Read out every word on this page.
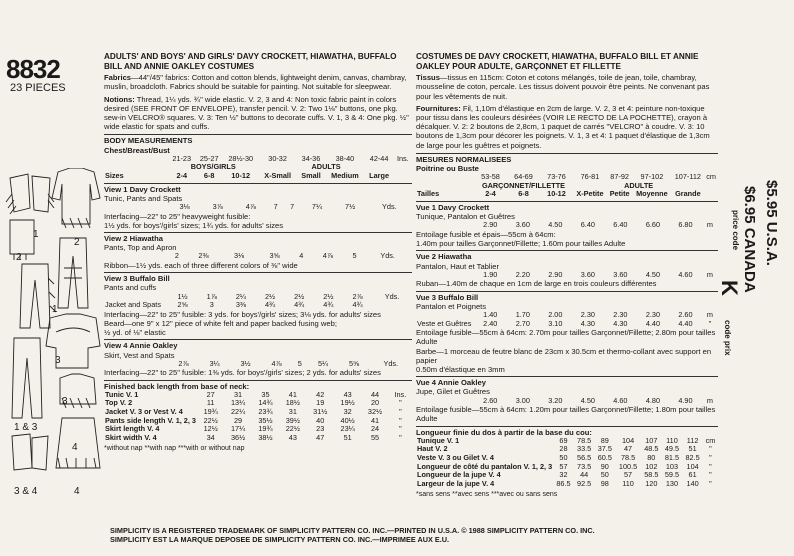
8832
23 PIECES
1
2
2
1
3
1 & 3
3
4
3 & 4	4
ADULTS' AND BOYS' AND GIRLS' DAVY CROCKETT, HIAWATHA, BUFFALO BILL AND ANNIE OAKLEY COSTUMES
Fabrics—44"/45" fabrics: Cotton and cotton blends, lightweight denim, canvas, chambray, muslin, broadcloth. Fabrics should be suitable for painting. Not suitable for sleepwear.
Notions: Thread, 1¼ yds. ¾" wide elastic. V. 2, 3 and 4: Non toxic fabric paint in colors desired (SEE FRONT OF ENVELOPE), transfer pencil. V. 2: Two 1⅛" buttons, one pkg. sew-in VELCRO® squares. V. 3: Ten ½" buttons to decorate cuffs. V. 1, 3 & 4: One pkg. ½" wide elastic for spats and cuffs.
BODY MEASUREMENTS
Chest/Breast/Bust
	21-23	25-27	28½-30	30-32	34-36	38-40	42-44	Ins.
	BOYS/GIRLS			ADULTS				
Sizes	2-4	6-8	10-12	X-Small	Small	Medium	Large	
View 1 Davy Crockett
Tunic, Pants and Spats
	3⅛	3⅞	4⅞	7	7	7¼	7½	Yds.
Interfacing—22" to 25" heavyweight fusible:
1½ yds. for boys'/girls' sizes; 1¾ yds. for adults' sizes
View 2 Hiawatha
Pants, Top and Apron
	2	2⅜	3⅛	3⅝	4	4⅞	5	Yds.
Ribbon—1½ yds. each of three different colors of ⅜" wide
View 3 Buffalo Bill
Pants and cuffs
	1½	1⅞	2¼	2½	2½	2½	2⅞	Yds.
Jacket and Spats	2⅝	3	3⅜	4¾	4¾	4¾	4¾	
Interfacing—22" to 25" fusible: 3 yds. for boys'/girls' sizes; 3⅛ yds. for adults' sizes
Beard—one 9" x 12" piece of white felt and paper backed fusing web;
½ yd. of ⅛" elastic
View 4 Annie Oakley
Skirt, Vest and Spats
	2⅞	3¼	3½	4⅞	5	5¼	5⅝	Yds.
Interfacing—22" to 25" fusible: 1⅜ yds. for boys'/girls' sizes; 2 yds. for adults' sizes
Finished back length from base of neck:
Tunic V. 1	27	31	35	41	42	43	44	Ins.
Top V. 2	11	13¼	14¾	18½	19	19½	20	"
Jacket V. 3 or Vest V. 4	19¾	22¼	23¾	31	31½	32	32½	"
Pants side length V. 1, 2, 3	22½	29	35½	39½	40	40½	41	"
Skirt length V. 4	12½	17¼	19¾	22½	23	23¼	24	"
Skirt width V. 4	34	36½	38½	43	47	51	55	"
*without nap **with nap ***with or without nap
COSTUMES DE DAVY CROCKETT, HIAWATHA, BUFFALO BILL ET ANNIE OAKLEY POUR ADULTE, GARÇONNET ET FILLETTE
Tissus—tissus en 115cm: Coton et cotons mélangés, toile de jean, toile, chambray, mousseline de coton, percale. Les tissus doivent pouvoir être peints. Ne convenant pas pour les vêtements de nuit.
Fournitures: Fil, 1,10m d'élastique en 2cm de large. V. 2, 3 et 4: peinture non-toxique pour tissu dans les couleurs désirées (VOIR LE RECTO DE LA POCHETTE), crayon à décalquer. V. 2: 2 boutons de 2,8cm, 1 paquet de carrés "VELCRO" à coudre. V. 3: 10 boutons de 1,3cm pour décorer les poignets. V. 1, 3 et 4: 1 paquet d'élastique de 1,3cm de large pour les guêtres et poignets.
MESURES NORMALISEES
Poitrine ou Buste
	53-58	64-69	73-76	76-81	87-92	97-102	107-112	cm
	GARÇONNET/FILLETTE			ADULTE				
Tailles	2-4	6-8	10-12	X-Petite	Petite	Moyenne	Grande	
Vue 1 Davy Crockett
Tunique, Pantalon et Guêtres
	2.90	3.60	4.50	6.40	6.40	6.60	6.80	m
Entoilage fusible et épais—55cm à 64cm:
1.40m pour tailles Garçonnet/Fillette; 1.60m pour tailles Adulte
Vue 2 Hiawatha
Pantalon, Haut et Tablier
	1.90	2.20	2.90	3.60	3.60	4.50	4.60	m
Ruban—1.40m de chaque en 1cm de large en trois couleurs différentes
Vue 3 Buffalo Bill
Pantalon et Poignets
	1.40	1.70	2.00	2.30	2.30	2.30	2.60	m
Veste et Guêtres	2.40	2.70	3.10	4.30	4.30	4.40	4.40	"
Entoilage fusible—55cm à 64cm: 2.70m pour tailles Garçonnet/Fillette; 2.80m pour tailles Adulte
Barbe—1 morceau de feutre blanc de 23cm x 30.5cm et thermo-collant avec support en papier
0.50m d'élastique en 3mm
Vue 4 Annie Oakley
Jupe, Gilet et Guêtres
	2.60	3.00	3.20	4.50	4.60	4.80	4.90	m
Entoilage fusible—55cm à 64cm: 1.20m pour tailles Garçonnet/Fillette; 1.80m pour tailles Adulte
Longueur finie du dos à partir de la base du cou:
Tunique V. 1	69	78.5	89	104	107	110	112	cm
Haut V. 2	28	33.5	37.5	47	48.5	49.5	51	"
Veste V. 3 ou Gilet V. 4	50	56.5	60.5	78.5	80	81.5	82.5	"
Longueur de côté du pantalon V. 1, 2, 3	57	73.5	90	100.5	102	103	104	"
Longueur de la jupe V. 4	32	44	50	57	58.5	59.5	61	"
Largeur de la jupe V. 4	86.5	92.5	98	110	120	130	140	"
*sans sens **avec sens ***avec ou sans sens
$5.95 U.S.A.
$6.95 CANADA
price code
K
code prix
SIMPLICITY IS A REGISTERED TRADEMARK OF SIMPLICITY PATTERN CO. INC.—PRINTED IN U.S.A. © 1988 SIMPLICITY PATTERN CO. INC.
SIMPLICITY EST LA MARQUE DEPOSEE DE SIMPLICITY PATTERN CO. INC.—IMPRIMEE AUX E.U.
